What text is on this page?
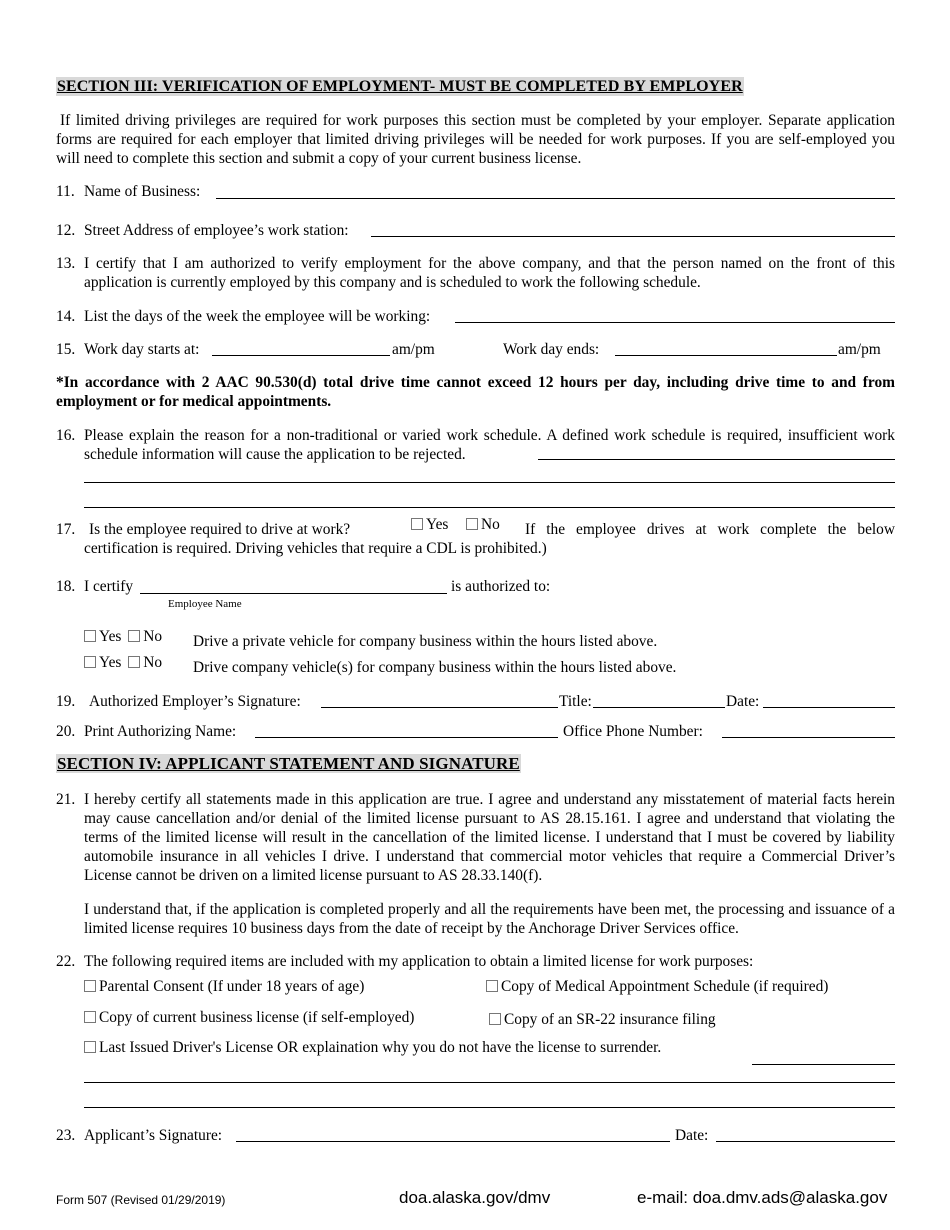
SECTION III: VERIFICATION OF EMPLOYMENT- MUST BE COMPLETED BY EMPLOYER
If limited driving privileges are required for work purposes this section must be completed by your employer. Separate application forms are required for each employer that limited driving privileges will be needed for work purposes. If you are self-employed you will need to complete this section and submit a copy of your current business license.
11. Name of Business:
12. Street Address of employee’s work station:
13. I certify that I am authorized to verify employment for the above company, and that the person named on the front of this application is currently employed by this company and is scheduled to work the following schedule.
14. List the days of the week the employee will be working:
15. Work day starts at:	am/pm	Work day ends:	am/pm
*In accordance with 2 AAC 90.530(d) total drive time cannot exceed 12 hours per day, including drive time to and from employment or for medical appointments.
16. Please explain the reason for a non-traditional or varied work schedule. A defined work schedule is required, insufficient work schedule information will cause the application to be rejected.
17. Is the employee required to drive at work?	Yes	No If the employee drives at work complete the below
certification is required. Driving vehicles that require a CDL is prohibited.)
18. I certify	is authorized to:
Employee Name
Yes No Drive a private vehicle for company business within the hours listed above.
Yes No Drive company vehicle(s) for company business within the hours listed above.
19. Authorized Employer’s Signature:	Title:	Date:
20. Print Authorizing Name:	Office Phone Number:
SECTION IV: APPLICANT STATEMENT AND SIGNATURE
21. I hereby certify all statements made in this application are true. I agree and understand any misstatement of material facts herein may cause cancellation and/or denial of the limited license pursuant to AS 28.15.161. I agree and understand that violating the terms of the limited license will result in the cancellation of the limited license. I understand that I must be covered by liability automobile insurance in all vehicles I drive. I understand that commercial motor vehicles that require a Commercial Driver’s License cannot be driven on a limited license pursuant to AS 28.33.140(f).
I understand that, if the application is completed properly and all the requirements have been met, the processing and issuance of a limited license requires 10 business days from the date of receipt by the Anchorage Driver Services office.
22. The following required items are included with my application to obtain a limited license for work purposes:
Parental Consent (If under 18 years of age)	Copy of Medical Appointment Schedule (if required)
Copy of current business license (if self-employed)	Copy of an SR-22 insurance filing
Last Issued Driver's License OR explaination why you do not have the license to surrender.
23. Applicant’s Signature:	Date:
Form 507 (Revised 01/29/2019)	doa.alaska.gov/dmv	e-mail: doa.dmv.ads@alaska.gov
